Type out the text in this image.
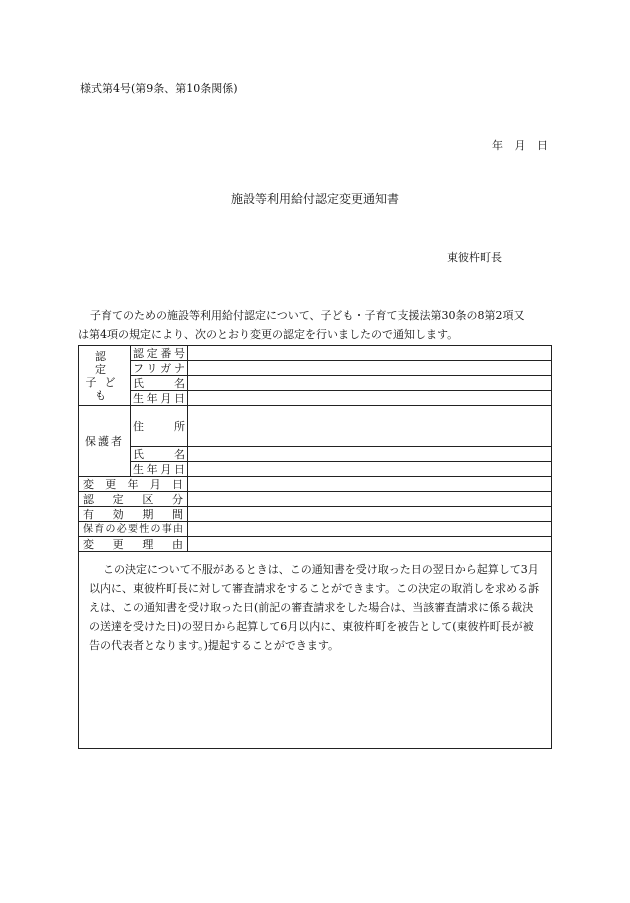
様式第4号(第9条、第10条関係)
年 月 日
施設等利用給付認定変更通知書
東彼杵町長

子育てのための施設等利用給付認定について、子ども・子育て支援法第30条の8第2項又

は第4項の規定により、次のとおり変更の認定を行いましたので通知します。

認 定 子ども	認定番号	
	フリガナ	
	氏名	
	生年月日	
保護者	住所	
	氏名	
	生年月日	
変更年月日		
認定区分		
有効期間		
保育の必要性の事由		
変更理由		

この決定について不服があるときは、この通知書を受け取った日の翌日から起算して3月以内に、東彼杵町長に対して審査請求をすることができます。この決定の取消しを求める訴えは、この通知書を受け取った日(前記の審査請求をした場合は、当該審査請求に係る裁決の送達を受けた日)の翌日から起算して6月以内に、東彼杵町を被告として(東彼杵町長が被告の代表者となります。)提起することができます。		
